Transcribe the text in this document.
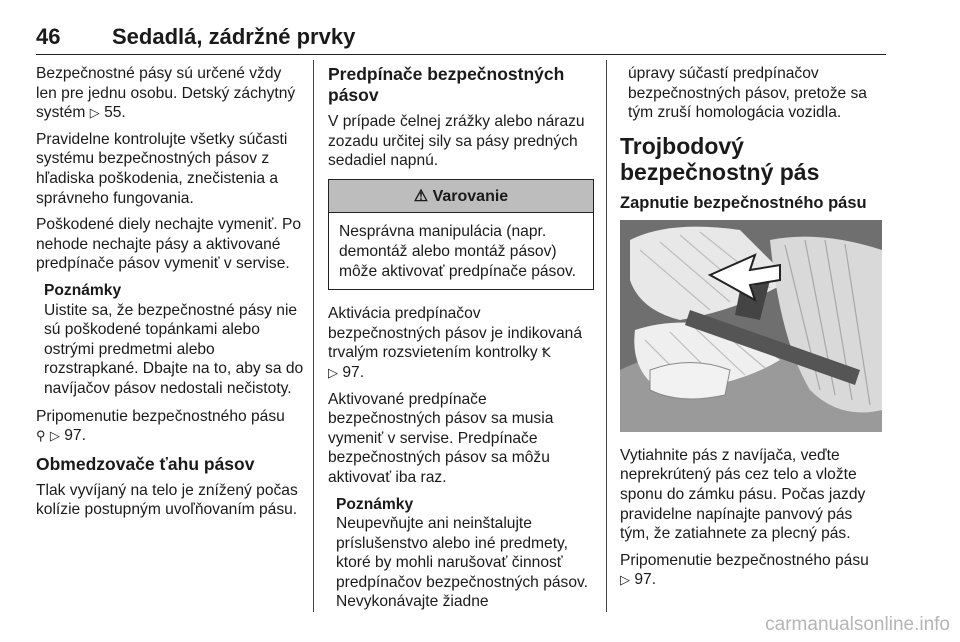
46 Sedadlá, zádržné prvky

Bezpečnostné pásy sú určené vždy len pre jednu osobu. Detský záchytný systém ▷ 55.

Pravidelne kontrolujte všetky súčasti systému bezpečnostných pásov z hľadiska poškodenia, znečistenia a správneho fungovania.

Poškodené diely nechajte vymeniť. Po nehode nechajte pásy a aktivované predpínače pásov vymeniť v servise.

Poznámky
Uistite sa, že bezpečnostné pásy nie sú poškodené topánkami alebo ostrými predmetmi alebo rozstrapkané. Dbajte na to, aby sa do navíjačov pásov nedostali nečistoty.

Pripomenutie bezpečnostného pásu
⚲ ▷ 97.

Obmedzovače ťahu pásov

Tlak vyvíjaný na telo je znížený počas kolízie postupným uvoľňovaním pásu.

Predpínače bezpečnostných pásov

V prípade čelnej zrážky alebo nárazu zozadu určitej sily sa pásy predných sedadiel napnú.

⚠ Varovanie
Nesprávna manipulácia (napr. demontáž alebo montáž pásov) môže aktivovať predpínače pásov.

Aktivácia predpínačov bezpečnostných pásov je indikovaná trvalým rozsvietením kontrolky Ꝁ
▷ 97.

Aktivované predpínače bezpečnostných pásov sa musia vymeniť v servise. Predpínače bezpečnostných pásov sa môžu aktivovať iba raz.

Poznámky
Neupevňujte ani neinštalujte príslušenstvo alebo iné predmety, ktoré by mohli narušovať činnosť predpínačov bezpečnostných pásov. Nevykonávajte žiadne

úpravy súčastí predpínačov bezpečnostných pásov, pretože sa tým zruší homologácia vozidla.

Trojbodový bezpečnostný pás
Zapnutie bezpečnostného pásu

Vytiahnite pás z navíjača, veďte neprekrútený pás cez telo a vložte sponu do zámku pásu. Počas jazdy pravidelne napínajte panvový pás tým, že zatiahnete za plecný pás.

Pripomenutie bezpečnostného pásu
▷ 97.

carmanualsonline.info
